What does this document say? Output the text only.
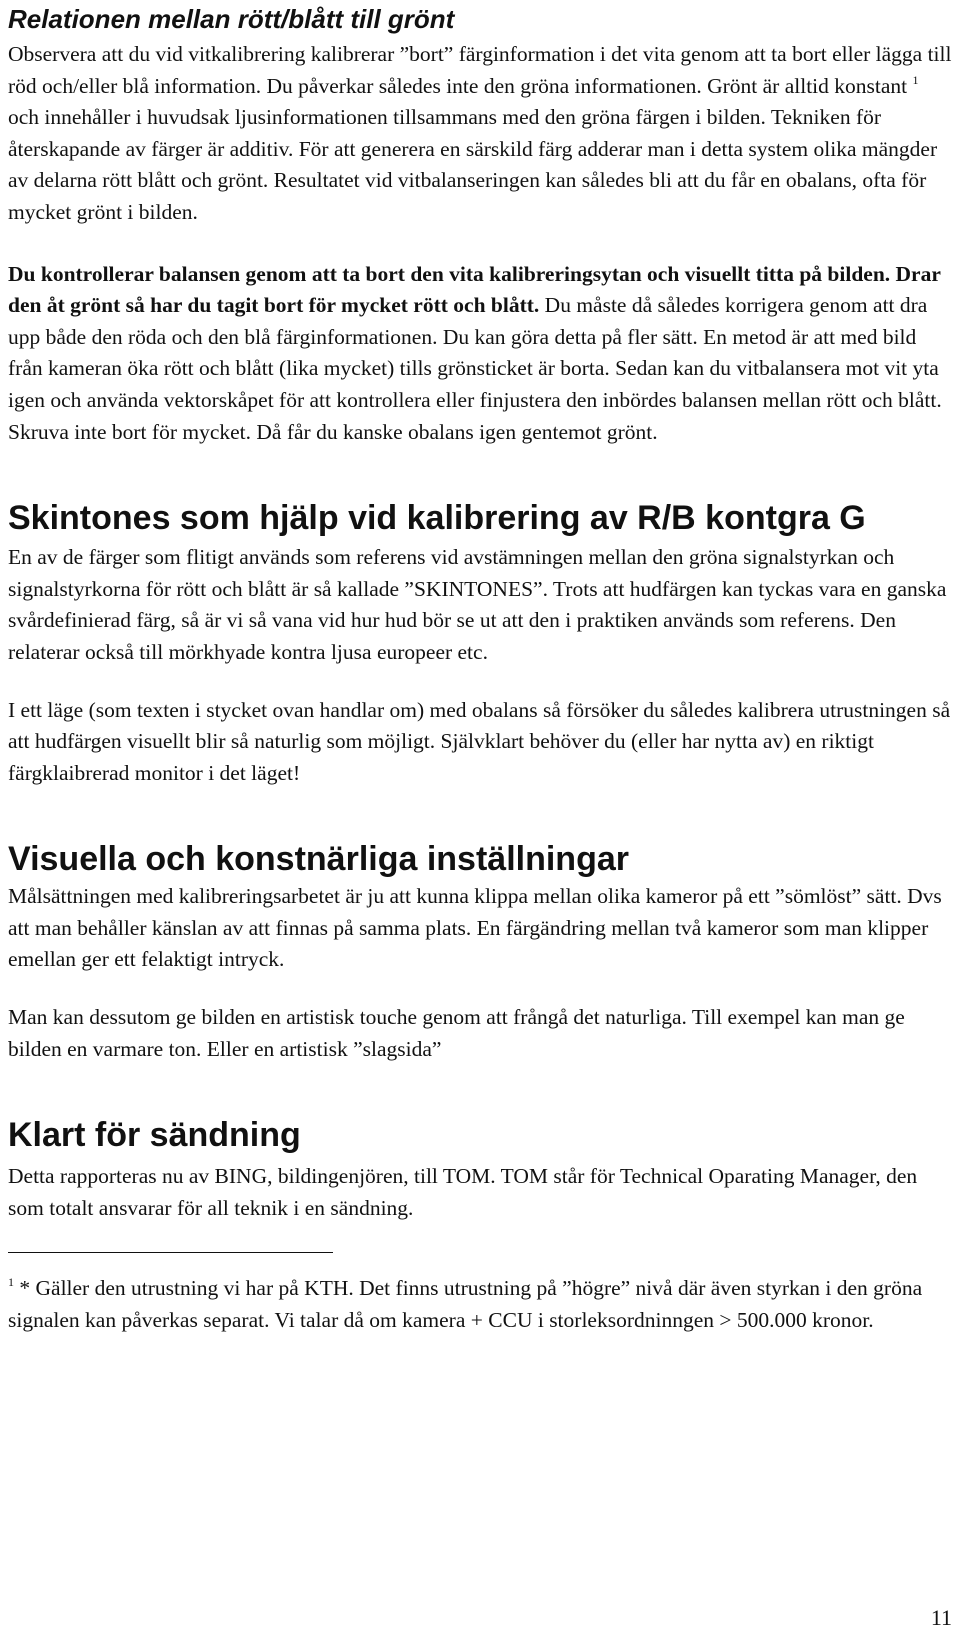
Relationen mellan rött/blått till grönt

Observera att du vid vitkalibrering kalibrerar ”bort” färginformation i det vita genom att ta bort eller lägga till röd och/eller blå information. Du påverkar således inte den gröna informationen. Grönt är alltid konstant $^1$ och innehåller i huvudsak ljusinformationen tillsammans med den gröna färgen i bilden. Tekniken för återskapande av färger är additiv. För att generera en särskild färg adderar man i detta system olika mängder av delarna rött blått och grönt. Resultatet vid vitbalanseringen kan således bli att du får en obalans, ofta för mycket grönt i bilden.

Du kontrollerar balansen genom att ta bort den vita kalibreringsytan och visuellt titta på bilden. Drar den åt grönt så har du tagit bort för mycket rött och blått. Du måste då således korrigera genom att dra upp både den röda och den blå färginformationen. Du kan göra detta på fler sätt. En metod är att med bild från kameran öka rött och blått (lika mycket) tills grönsticket är borta. Sedan kan du vitbalansera mot vit yta igen och använda vektorskåpet för att kontrollera eller finjustera den inbördes balansen mellan rött och blått. Skruva inte bort för mycket. Då får du kanske obalans igen gentemot grönt.

Skintones som hjälp vid kalibrering av R/B kontgra G

En av de färger som flitigt används som referens vid avstämningen mellan den gröna signalstyrkan och signalstyrkorna för rött och blått är så kallade ”SKINTONES”. Trots att hudfärgen kan tyckas vara en ganska svårdefinierad färg, så är vi så vana vid hur hud bör se ut att den i praktiken används som referens. Den relaterar också till mörkhyade kontra ljusa europeer etc.

I ett läge (som texten i stycket ovan handlar om) med obalans så försöker du således kalibrera utrustningen så att hudfärgen visuellt blir så naturlig som möjligt. Självklart behöver du (eller har nytta av) en riktigt färgklaibrerad monitor i det läget!

Visuella och konstnärliga inställningar

Målsättningen med kalibreringsarbetet är ju att kunna klippa mellan olika kameror på ett ”sömlöst” sätt. Dvs att man behåller känslan av att finnas på samma plats. En färgändring mellan två kameror som man klipper emellan ger ett felaktigt intryck.

Man kan dessutom ge bilden en artistisk touche genom att frångå det naturliga. Till exempel kan man ge bilden en varmare ton. Eller en artistisk ”slagsida”

Klart för sändning

Detta rapporteras nu av BING, bildingenjören, till TOM. TOM står för Technical Oparating Manager, den som totalt ansvarar för all teknik i en sändning.

$^1$ * Gäller den utrustning vi har på KTH. Det finns utrustning på ”högre” nivå där även styrkan i den gröna signalen kan påverkas separat. Vi talar då om kamera + CCU i storleksordninngen > 500.000 kronor.

11
